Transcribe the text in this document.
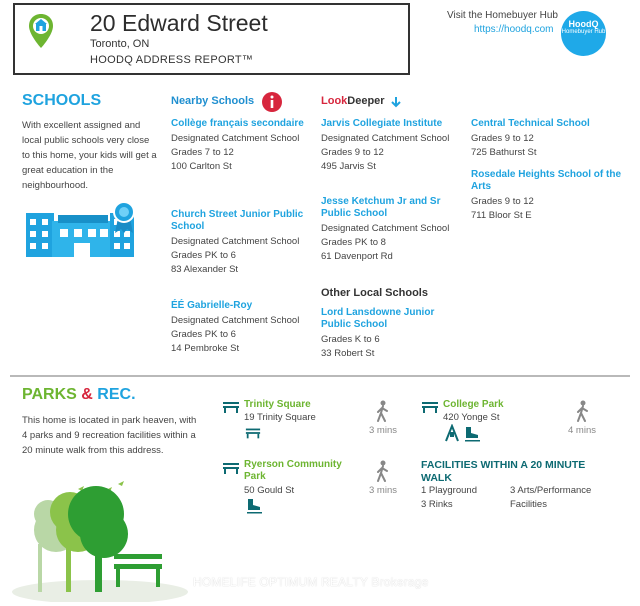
20 Edward Street
Toronto, ON
HOODQ ADDRESS REPORT™
Visit the Homebuyer Hub
https://hoodq.com	HoodQ
Homebuyer Hub
SCHOOLS
With excellent assigned and local public schools very close to this home, your kids will get a great education in the neighbourhood.
Nearby Schools
Collège français secondaire
Designated Catchment School
Grades 7 to 12
100 Carlton St
Church Street Junior Public School
Designated Catchment School
Grades PK to 6
83 Alexander St
ÉÉ Gabrielle-Roy
Designated Catchment School
Grades PK to 6
14 Pembroke St
LookDeeper
Jarvis Collegiate Institute
Designated Catchment School
Grades 9 to 12
495 Jarvis St
Jesse Ketchum Jr and Sr Public School
Designated Catchment School
Grades PK to 8
61 Davenport Rd
Other Local Schools
Lord Lansdowne Junior Public School
Grades K to 6
33 Robert St
Central Technical School
Grades 9 to 12
725 Bathurst St
Rosedale Heights School of the Arts
Grades 9 to 12
711 Bloor St E
PARKS & REC.
This home is located in park heaven, with 4 parks and 9 recreation facilities within a 20 minute walk from this address.
Trinity Square
19 Trinity Square
3 mins
College Park
420 Yonge St
4 mins
Ryerson Community Park
50 Gould St	3 mins
FACILITIES WITHIN A 20 MINUTE WALK
1 Playground
3 Rinks
3 Arts/Performance Facilities
HOMELIFE OPTIMUM REALTY Brokerage
